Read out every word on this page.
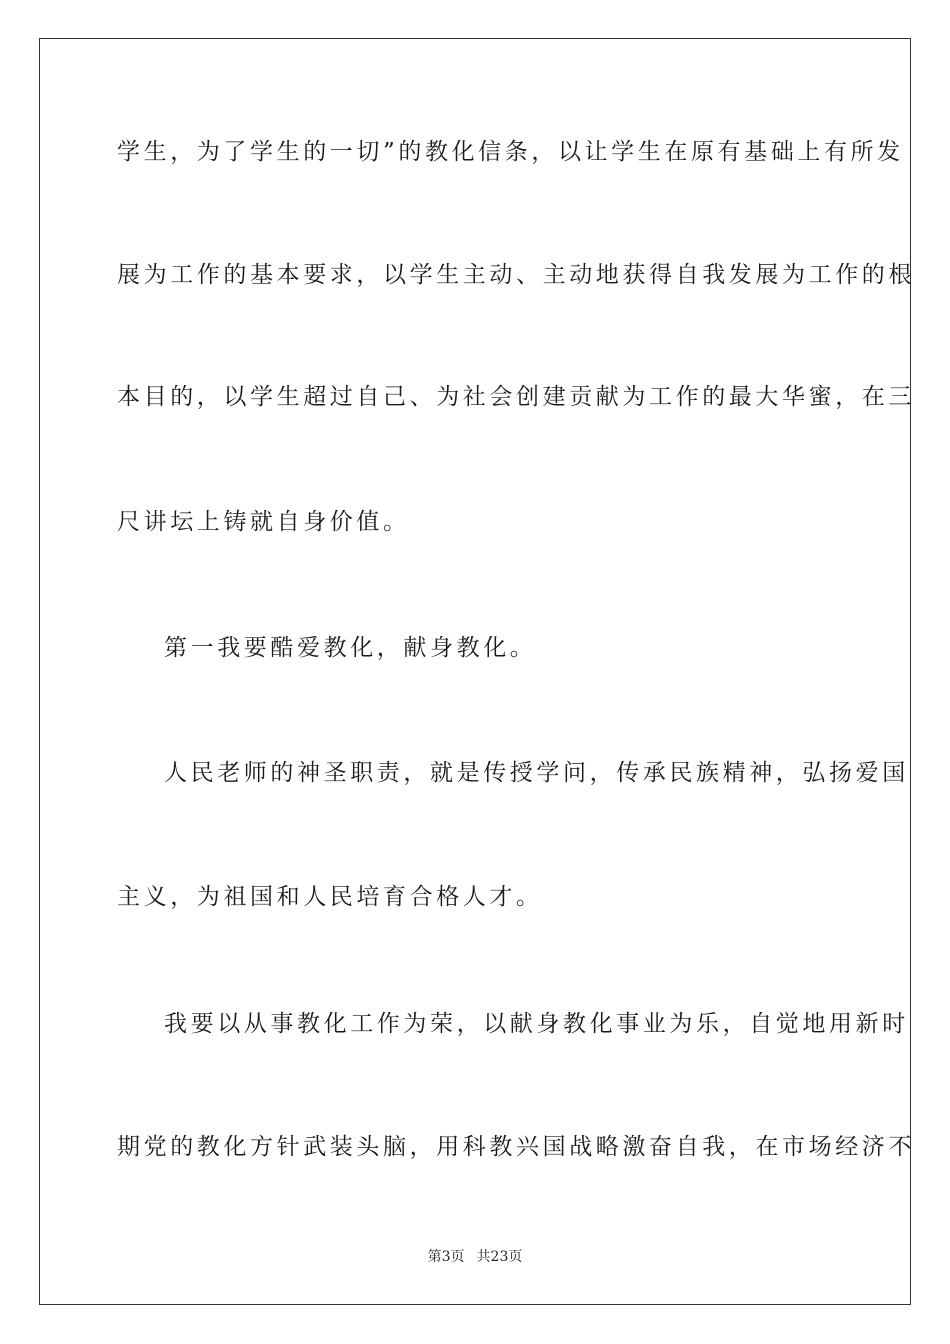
学生，为了学生的一切”的教化信条，以让学生在原有基础上有所发
展为工作的基本要求，以学生主动、主动地获得自我发展为工作的根
本目的，以学生超过自己、为社会创建贡献为工作的最大华蜜，在三
尺讲坛上铸就自身价值。
第一我要酷爱教化，献身教化。
人民老师的神圣职责，就是传授学问，传承民族精神，弘扬爱国
主义，为祖国和人民培育合格人才。
我要以从事教化工作为荣，以献身教化事业为乐，自觉地用新时
期党的教化方针武装头脑，用科教兴国战略激奋自我，在市场经济不
第3页 共23页
